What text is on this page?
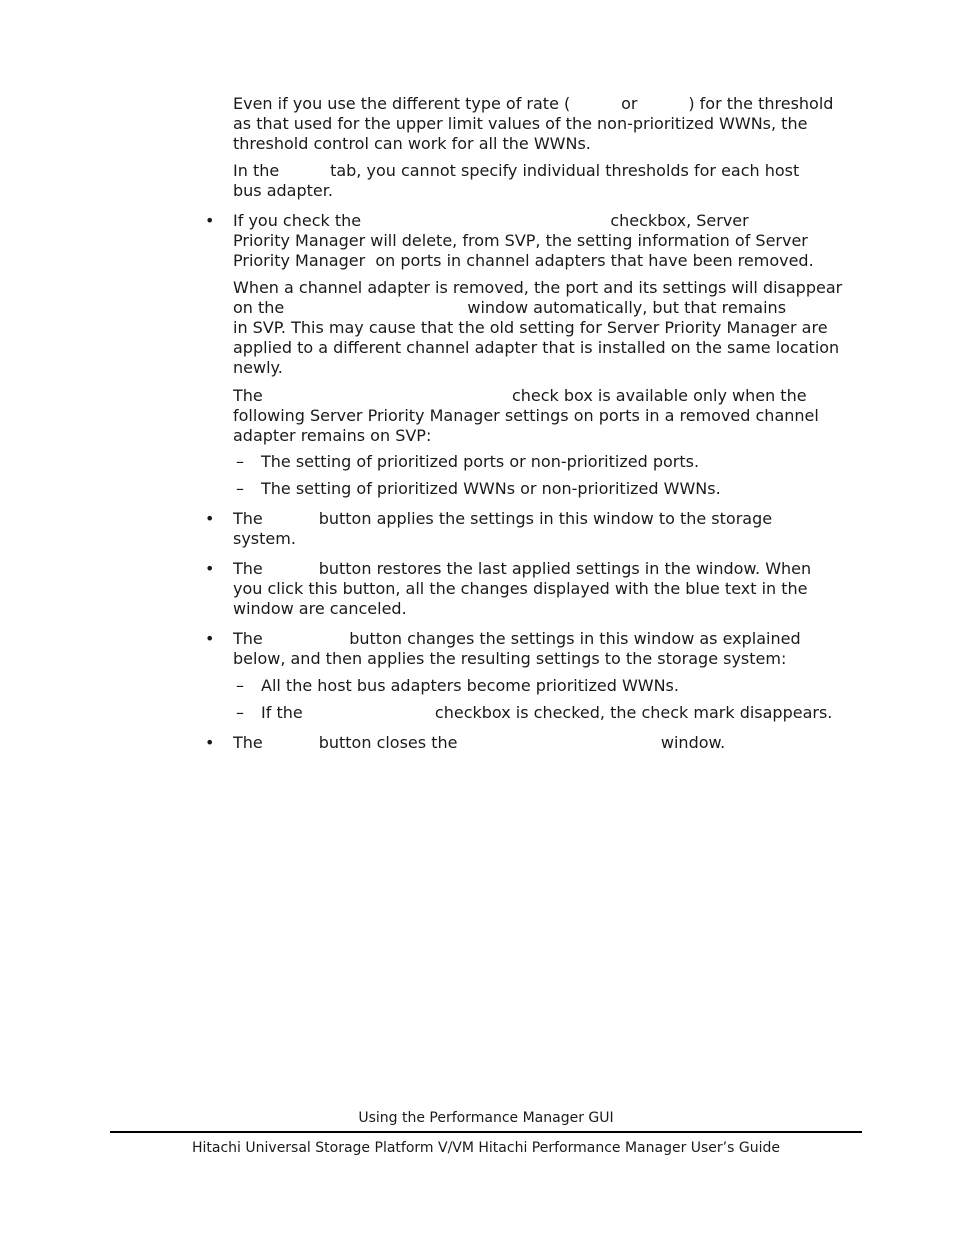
Even if you use the different type of rate (          or          ) for the threshold
as that used for the upper limit values of the non-prioritized WWNs, the
threshold control can work for all the WWNs.

In the          tab, you cannot specify individual thresholds for each host
bus adapter.

• If you check the                                                 checkbox, Server
Priority Manager will delete, from SVP, the setting information of Server
Priority Manager  on ports in channel adapters that have been removed.

When a channel adapter is removed, the port and its settings will disappear
on the                                    window automatically, but that remains
in SVP. This may cause that the old setting for Server Priority Manager are
applied to a different channel adapter that is installed on the same location
newly.

The                                                 check box is available only when the
following Server Priority Manager settings on ports in a removed channel
adapter remains on SVP:

– The setting of prioritized ports or non-prioritized ports.

– The setting of prioritized WWNs or non-prioritized WWNs.

• The           button applies the settings in this window to the storage
system.

• The           button restores the last applied settings in the window. When
you click this button, all the changes displayed with the blue text in the
window are canceled.

• The                 button changes the settings in this window as explained
below, and then applies the resulting settings to the storage system:

– All the host bus adapters become prioritized WWNs.

– If the                          checkbox is checked, the check mark disappears.

• The           button closes the                                        window.

Using the Performance Manager GUI
Hitachi Universal Storage Platform V/VM Hitachi Performance Manager User’s Guide
